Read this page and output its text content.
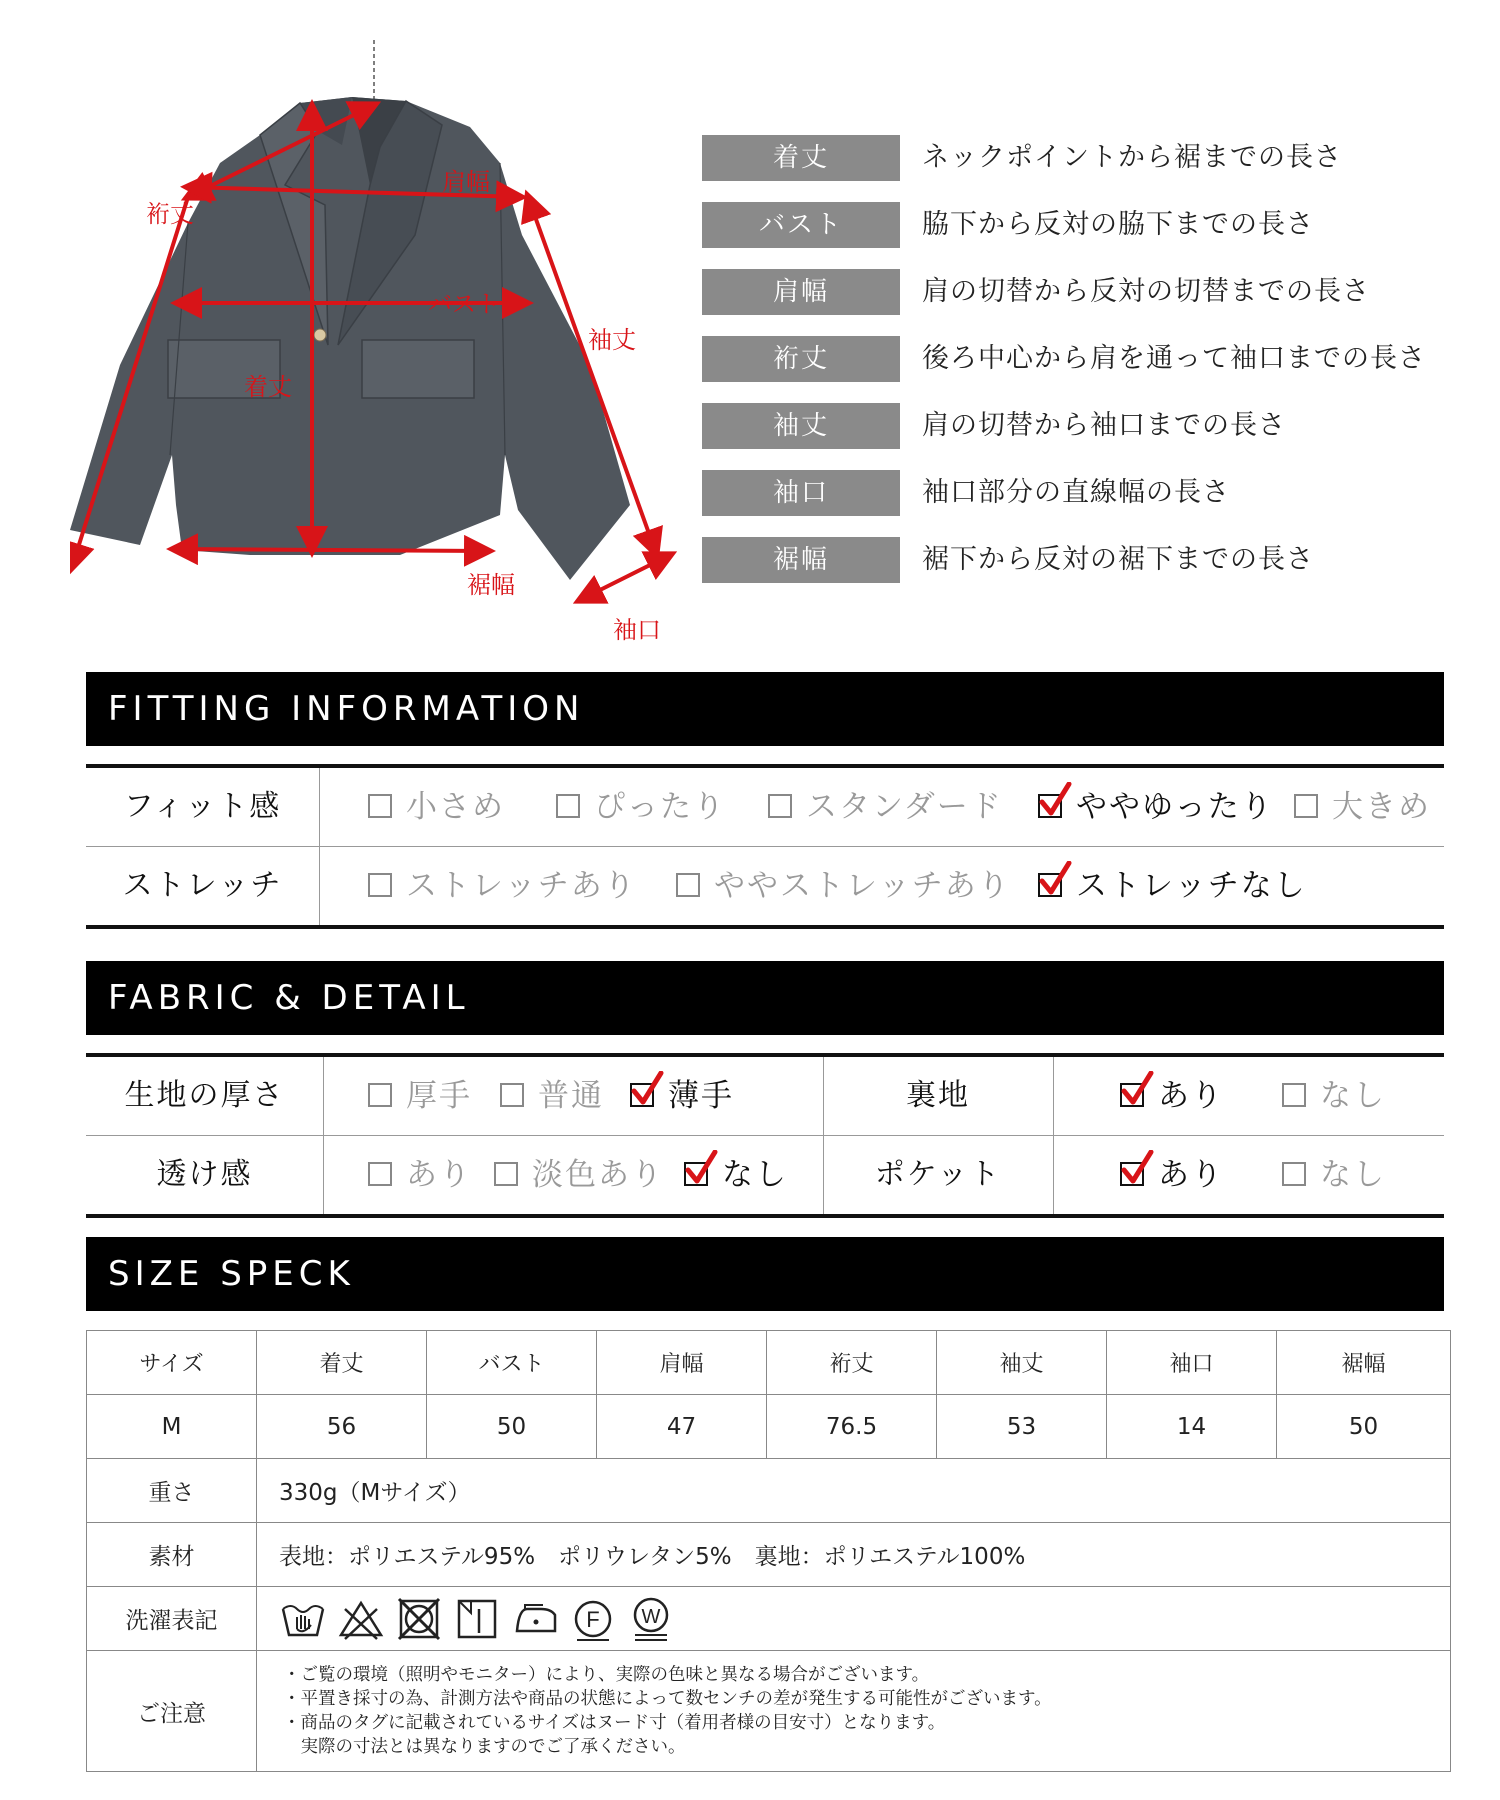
裄丈
肩幅
バスト
袖丈
着丈
裾幅
袖口
着丈	ネックポイントから裾までの長さ
バスト	脇下から反対の脇下までの長さ
肩幅	肩の切替から反対の切替までの長さ
裄丈	後ろ中心から肩を通って袖口までの長さ
袖丈	肩の切替から袖口までの長さ
袖口	袖口部分の直線幅の長さ
裾幅	裾下から反対の裾下までの長さ
FITTING INFORMATION
フィット感	小さめ	ぴったり	スタンダード	ややゆったり	大きめ
ストレッチ	ストレッチあり	ややストレッチあり	ストレッチなし
FABRIC & DETAIL
生地の厚さ	厚手	普通	薄手	裏地	あり	なし
透け感	あり	淡色あり	なし	ポケット	あり	なし
SIZE SPECK
サイズ	着丈	バスト	肩幅	裄丈	袖丈	袖口	裾幅
M	56	50	47	76.5	53	14	50
重さ	330g（Mサイズ）						
素材	表地：ポリエステル95%　ポリウレタン5%　裏地：ポリエステル100%						
洗濯表記	F W						

ご注意	・ご覧の環境（照明やモニター）により、実際の色味と異なる場合がございます。
・平置き採寸の為、計測方法や商品の状態によって数センチの差が発生する可能性がございます。
・商品のタグに記載されているサイズはヌード寸（着用者様の目安寸）となります。
　実際の寸法とは異なりますのでご了承ください。						
